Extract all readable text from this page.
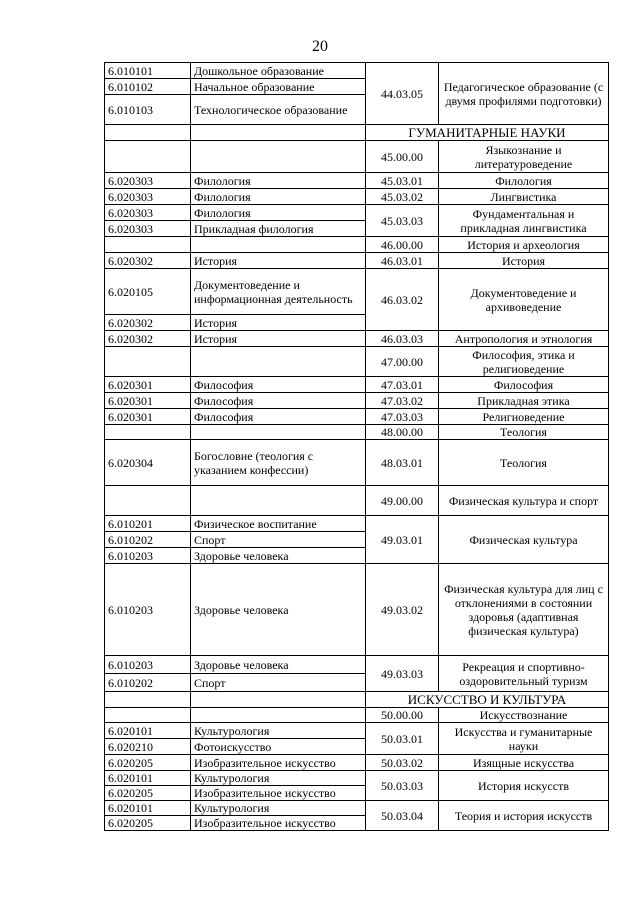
20
6.010101	Дошкольное образование	44.03.05	Педагогическое образование (с двумя профилями подготовки)
6.010102	Начальное образование		
6.010103	Технологическое образование		
		ГУМАНИТАРНЫЕ НАУКИ	
		45.00.00	Языкознание и литературоведение
6.020303	Филология	45.03.01	Филология
6.020303	Филология	45.03.02	Лингвистика
6.020303	Филология	45.03.03	Фундаментальная и прикладная лингвистика
6.020303	Прикладная филология		
		46.00.00	История и археология
6.020302	История	46.03.01	История
6.020105	Документоведение и информационная деятельность	46.03.02	Документоведение и архивоведение
6.020302	История		
6.020302	История	46.03.03	Антропология и этнология
		47.00.00	Философия, этика и религиоведение
6.020301	Философия	47.03.01	Философия
6.020301	Философия	47.03.02	Прикладная этика
6.020301	Философия	47.03.03	Религиоведение
		48.00.00	Теология
6.020304	Богословие (теология с указанием конфессии)	48.03.01	Теология
		49.00.00	Физическая культура и спорт
6.010201	Физическое воспитание	49.03.01	Физическая культура
6.010202	Спорт		
6.010203	Здоровье человека		
6.010203	Здоровье человека	49.03.02	Физическая культура для лиц с отклонениями в состоянии здоровья (адаптивная физическая культура)
6.010203	Здоровье человека	49.03.03	Рекреация и спортивно-оздоровительный туризм
6.010202	Спорт		
		ИСКУССТВО И КУЛЬТУРА	
		50.00.00	Искусствознание
6.020101	Культурология	50.03.01	Искусства и гуманитарные науки
6.020210	Фотоискусство		
6.020205	Изобразительное искусство	50.03.02	Изящные искусства
6.020101	Культурология	50.03.03	История искусств
6.020205	Изобразительное искусство		
6.020101	Культурология	50.03.04	Теория и история искусств
6.020205	Изобразительное искусство		
